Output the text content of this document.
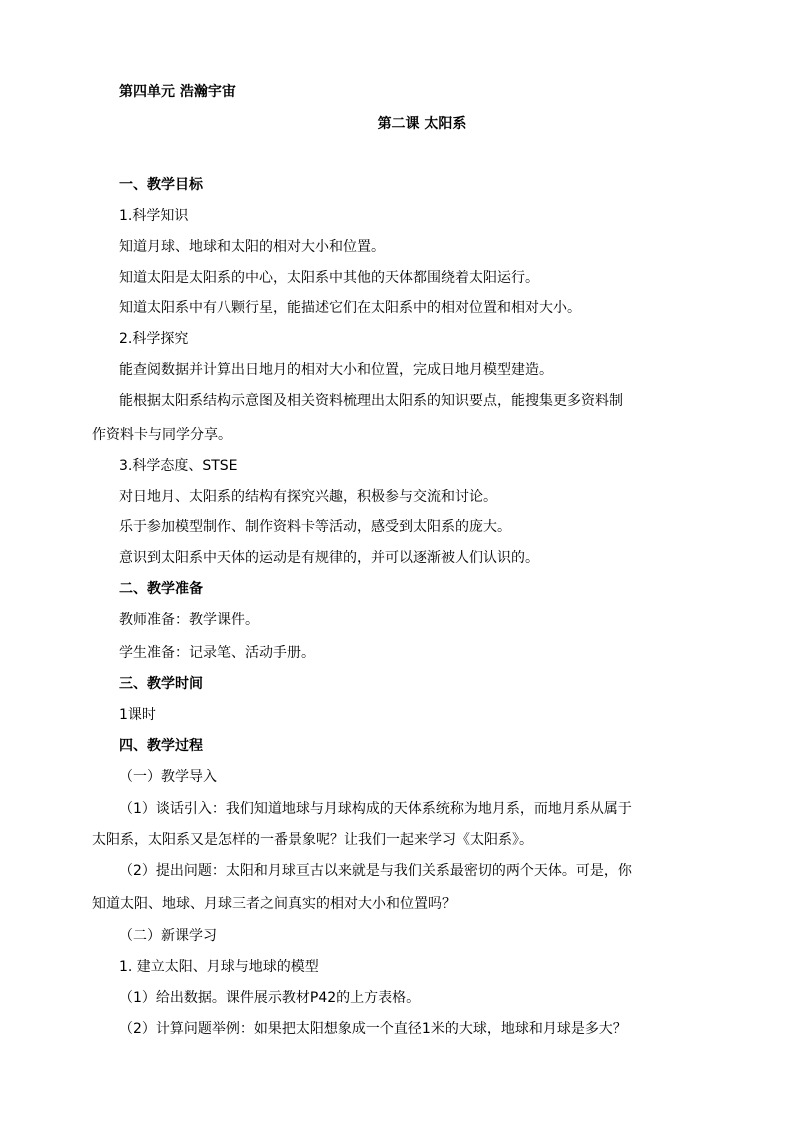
第四单元 浩瀚宇宙
第二课 太阳系
一、教学目标
1.科学知识
知道月球、地球和太阳的相对大小和位置。
知道太阳是太阳系的中心，太阳系中其他的天体都围绕着太阳运行。
知道太阳系中有八颗行星，能描述它们在太阳系中的相对位置和相对大小。
2.科学探究
能查阅数据并计算出日地月的相对大小和位置，完成日地月模型建造。
能根据太阳系结构示意图及相关资料梳理出太阳系的知识要点，能搜集更多资料制
作资料卡与同学分享。
3.科学态度、STSE
对日地月、太阳系的结构有探究兴趣，积极参与交流和讨论。
乐于参加模型制作、制作资料卡等活动，感受到太阳系的庞大。
意识到太阳系中天体的运动是有规律的，并可以逐渐被人们认识的。
二、教学准备
教师准备：教学课件。
学生准备：记录笔、活动手册。
三、教学时间
1课时
四、教学过程
（一）教学导入
（1）谈话引入：我们知道地球与月球构成的天体系统称为地月系，而地月系从属于
太阳系，太阳系又是怎样的一番景象呢？让我们一起来学习《太阳系》。
（2）提出问题：太阳和月球亘古以来就是与我们关系最密切的两个天体。可是，你
知道太阳、地球、月球三者之间真实的相对大小和位置吗？
（二）新课学习
1. 建立太阳、月球与地球的模型
（1）给出数据。课件展示教材P42的上方表格。
（2）计算问题举例：如果把太阳想象成一个直径1米的大球，地球和月球是多大？
